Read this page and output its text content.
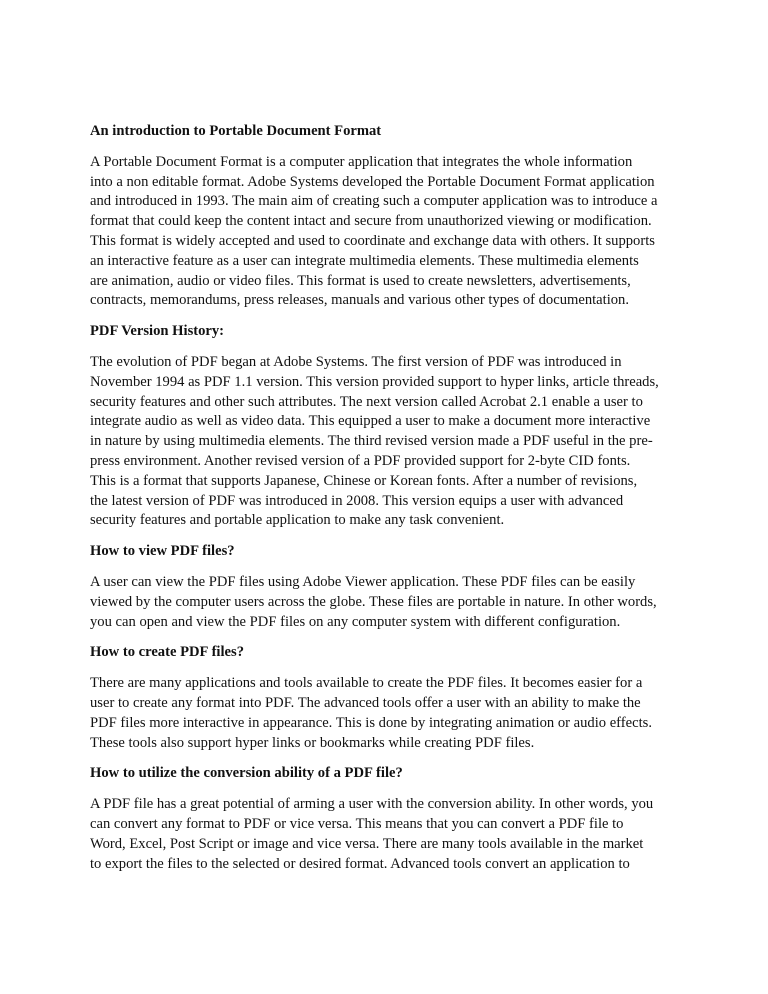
An introduction to Portable Document Format
A Portable Document Format is a computer application that integrates the whole information
into a non editable format. Adobe Systems developed the Portable Document Format application
and introduced in 1993. The main aim of creating such a computer application was to introduce a
format that could keep the content intact and secure from unauthorized viewing or modification.
This format is widely accepted and used to coordinate and exchange data with others. It supports
an interactive feature as a user can integrate multimedia elements. These multimedia elements
are animation, audio or video files. This format is used to create newsletters, advertisements,
contracts, memorandums, press releases, manuals and various other types of documentation.
PDF Version History:
The evolution of PDF began at Adobe Systems. The first version of PDF was introduced in
November 1994 as PDF 1.1 version. This version provided support to hyper links, article threads,
security features and other such attributes. The next version called Acrobat 2.1 enable a user to
integrate audio as well as video data. This equipped a user to make a document more interactive
in nature by using multimedia elements. The third revised version made a PDF useful in the pre-
press environment. Another revised version of a PDF provided support for 2-byte CID fonts.
This is a format that supports Japanese, Chinese or Korean fonts. After a number of revisions,
the latest version of PDF was introduced in 2008. This version equips a user with advanced
security features and portable application to make any task convenient.
How to view PDF files?
A user can view the PDF files using Adobe Viewer application. These PDF files can be easily
viewed by the computer users across the globe. These files are portable in nature. In other words,
you can open and view the PDF files on any computer system with different configuration.
How to create PDF files?
There are many applications and tools available to create the PDF files. It becomes easier for a
user to create any format into PDF. The advanced tools offer a user with an ability to make the
PDF files more interactive in appearance. This is done by integrating animation or audio effects.
These tools also support hyper links or bookmarks while creating PDF files.
How to utilize the conversion ability of a PDF file?
A PDF file has a great potential of arming a user with the conversion ability. In other words, you
can convert any format to PDF or vice versa. This means that you can convert a PDF file to
Word, Excel, Post Script or image and vice versa. There are many tools available in the market
to export the files to the selected or desired format. Advanced tools convert an application to
